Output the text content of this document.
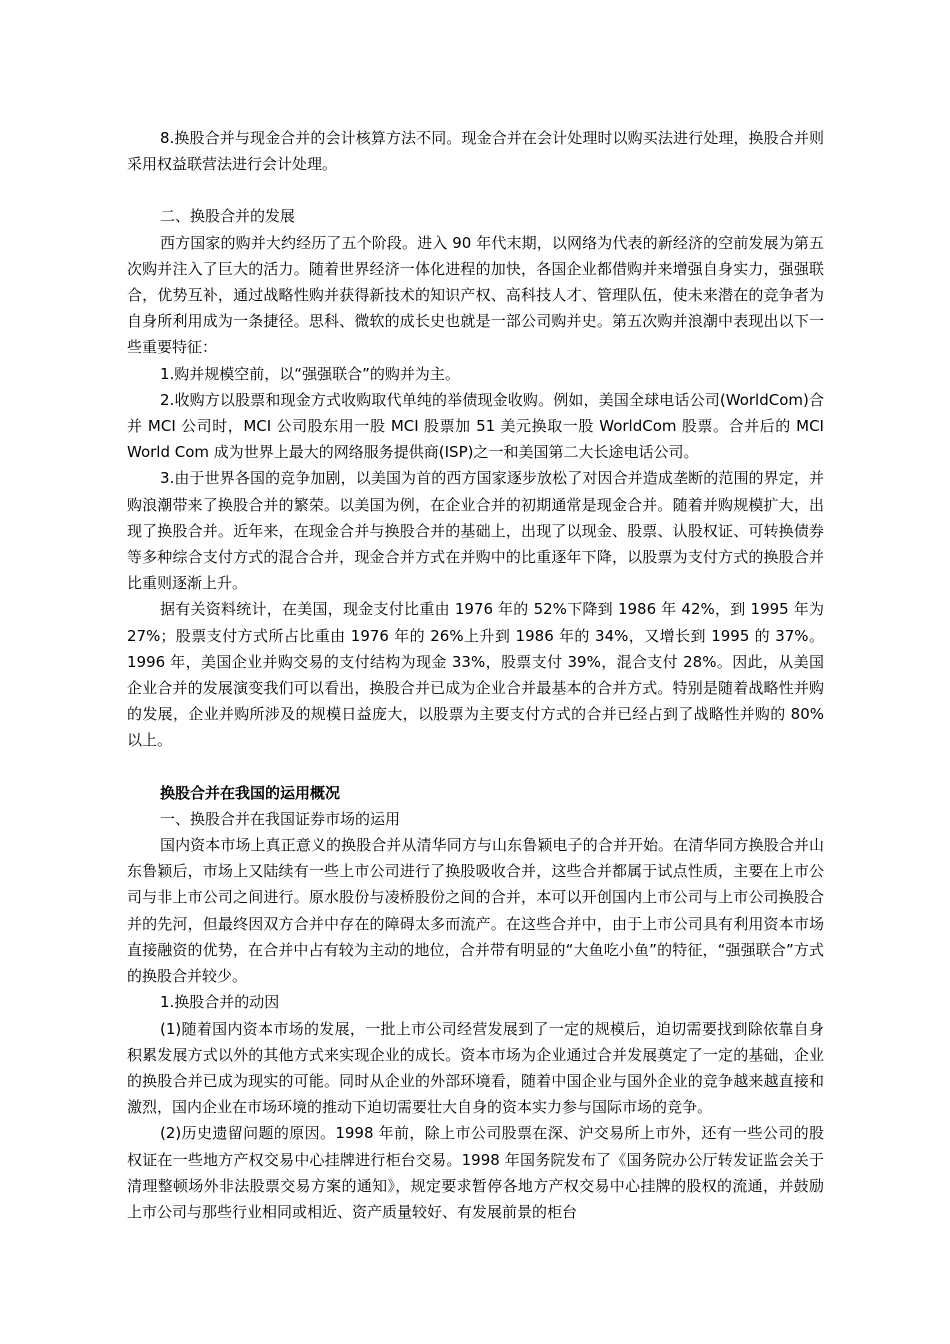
8.换股合并与现金合并的会计核算方法不同。现金合并在会计处理时以购买法进行处理，换股合并则采用权益联营法进行会计处理。

二、换股合并的发展

西方国家的购并大约经历了五个阶段。进入 90 年代末期，以网络为代表的新经济的空前发展为第五次购并注入了巨大的活力。随着世界经济一体化进程的加快，各国企业都借购并来增强自身实力，强强联合，优势互补，通过战略性购并获得新技术的知识产权、高科技人才、管理队伍，使未来潜在的竞争者为自身所利用成为一条捷径。思科、微软的成长史也就是一部公司购并史。第五次购并浪潮中表现出以下一些重要特征：

1.购并规模空前，以“强强联合”的购并为主。

2.收购方以股票和现金方式收购取代单纯的举债现金收购。例如，美国全球电话公司(WorldCom)合并 MCI 公司时，MCI 公司股东用一股 MCI 股票加 51 美元换取一股 WorldCom 股票。合并后的 MCI World Com 成为世界上最大的网络服务提供商(ISP)之一和美国第二大长途电话公司。

3.由于世界各国的竞争加剧，以美国为首的西方国家逐步放松了对因合并造成垄断的范围的界定，并购浪潮带来了换股合并的繁荣。以美国为例，在企业合并的初期通常是现金合并。随着并购规模扩大，出现了换股合并。近年来，在现金合并与换股合并的基础上，出现了以现金、股票、认股权证、可转换债券等多种综合支付方式的混合合并，现金合并方式在并购中的比重逐年下降，以股票为支付方式的换股合并比重则逐渐上升。

据有关资料统计，在美国，现金支付比重由 1976 年的 52%下降到 1986 年 42%，到 1995 年为 27%；股票支付方式所占比重由 1976 年的 26%上升到 1986 年的 34%，又增长到 1995 的 37%。1996 年，美国企业并购交易的支付结构为现金 33%，股票支付 39%，混合支付 28%。因此，从美国企业合并的发展演变我们可以看出，换股合并已成为企业合并最基本的合并方式。特别是随着战略性并购的发展，企业并购所涉及的规模日益庞大，以股票为主要支付方式的合并已经占到了战略性并购的 80%以上。

换股合并在我国的运用概况

一、换股合并在我国证券市场的运用

国内资本市场上真正意义的换股合并从清华同方与山东鲁颖电子的合并开始。在清华同方换股合并山东鲁颖后，市场上又陆续有一些上市公司进行了换股吸收合并，这些合并都属于试点性质，主要在上市公司与非上市公司之间进行。原水股份与凌桥股份之间的合并，本可以开创国内上市公司与上市公司换股合并的先河，但最终因双方合并中存在的障碍太多而流产。在这些合并中，由于上市公司具有利用资本市场直接融资的优势，在合并中占有较为主动的地位，合并带有明显的“大鱼吃小鱼”的特征，“强强联合”方式的换股合并较少。

1.换股合并的动因

(1)随着国内资本市场的发展，一批上市公司经营发展到了一定的规模后，迫切需要找到除依靠自身积累发展方式以外的其他方式来实现企业的成长。资本市场为企业通过合并发展奠定了一定的基础，企业的换股合并已成为现实的可能。同时从企业的外部环境看，随着中国企业与国外企业的竞争越来越直接和激烈，国内企业在市场环境的推动下迫切需要壮大自身的资本实力参与国际市场的竞争。

(2)历史遗留问题的原因。1998 年前，除上市公司股票在深、沪交易所上市外，还有一些公司的股权证在一些地方产权交易中心挂牌进行柜台交易。1998 年国务院发布了《国务院办公厅转发证监会关于清理整顿场外非法股票交易方案的通知》，规定要求暂停各地方产权交易中心挂牌的股权的流通，并鼓励上市公司与那些行业相同或相近、资产质量较好、有发展前景的柜台
